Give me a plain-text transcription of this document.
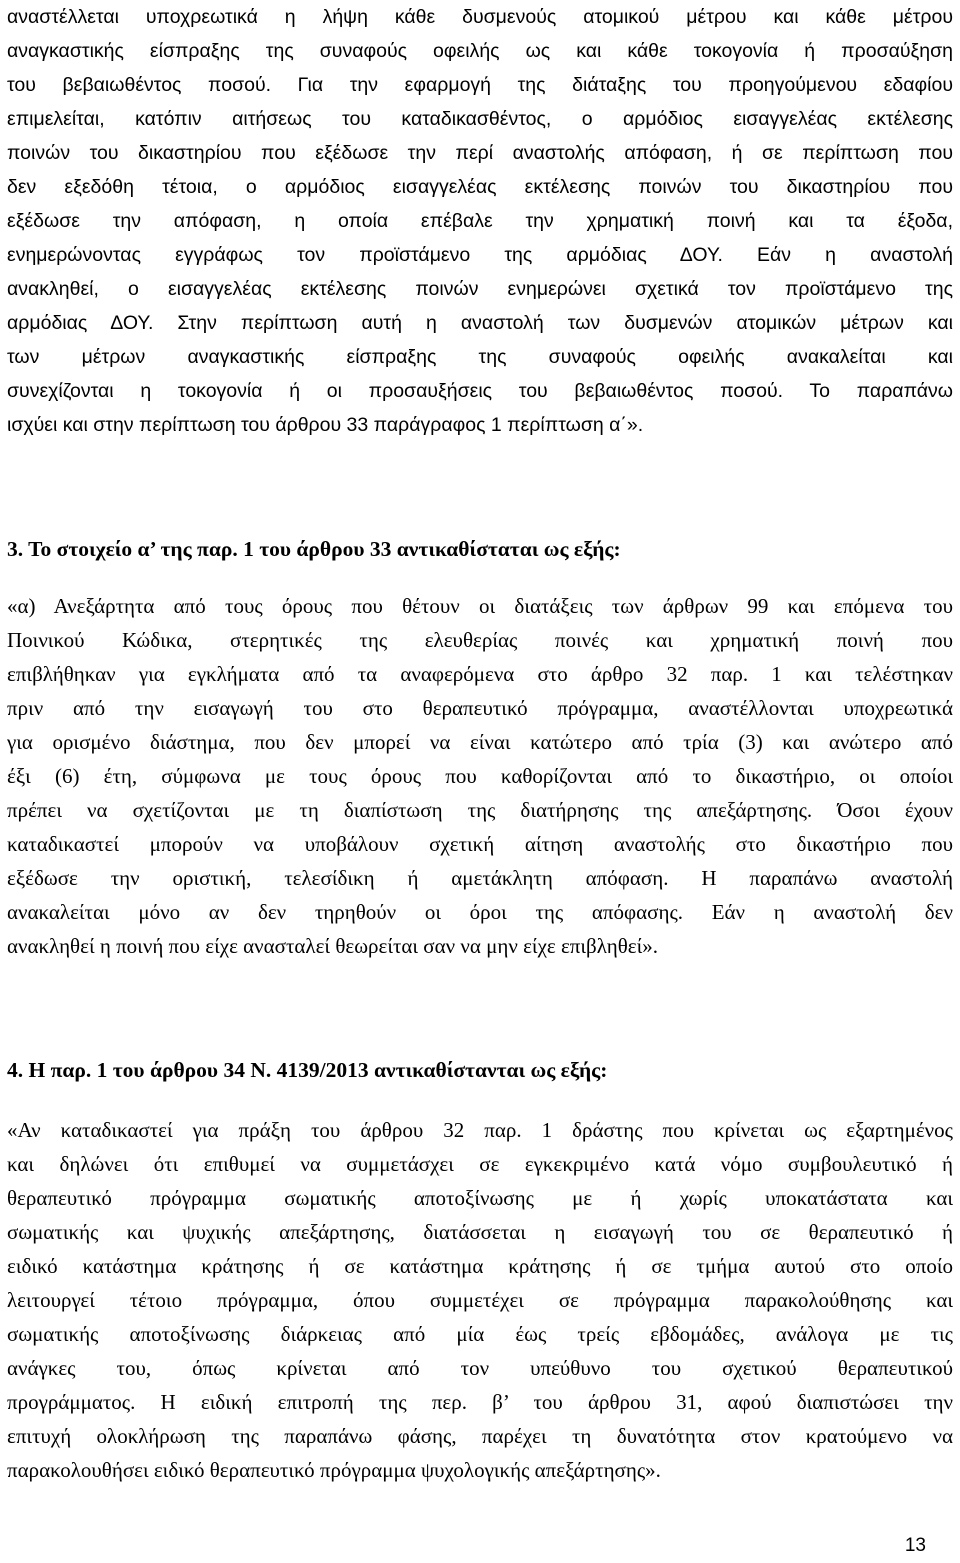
αναστέλλεται υποχρεωτικά η λήψη κάθε δυσμενούς ατομικού μέτρου και κάθε μέτρου
αναγκαστικής είσπραξης της συναφούς οφειλής ως και κάθε τοκογονία ή προσαύξηση
του βεβαιωθέντος ποσού. Για την εφαρμογή της διάταξης του προηγούμενου εδαφίου
επιμελείται, κατόπιν αιτήσεως του καταδικασθέντος, ο αρμόδιος εισαγγελέας εκτέλεσης
ποινών του δικαστηρίου που εξέδωσε την περί αναστολής απόφαση, ή σε περίπτωση που
δεν εξεδόθη τέτοια, ο αρμόδιος εισαγγελέας εκτέλεσης ποινών του δικαστηρίου που
εξέδωσε την απόφαση, η οποία επέβαλε την χρηματική ποινή και τα έξοδα,
ενημερώνοντας εγγράφως τον προϊστάμενο της αρμόδιας ΔΟΥ. Εάν η αναστολή
ανακληθεί, ο εισαγγελέας εκτέλεσης ποινών ενημερώνει σχετικά τον προϊστάμενο της
αρμόδιας ΔΟΥ. Στην περίπτωση αυτή η αναστολή των δυσμενών ατομικών μέτρων και
των μέτρων αναγκαστικής είσπραξης της συναφούς οφειλής ανακαλείται και
συνεχίζονται η τοκογονία ή οι προσαυξήσεις του βεβαιωθέντος ποσού. Το παραπάνω
ισχύει και στην περίπτωση του άρθρου 33 παράγραφος 1 περίπτωση α΄».
3. Το στοιχείο α’ της παρ. 1 του άρθρου 33 αντικαθίσταται ως εξής:
«α) Ανεξάρτητα από τους όρους που θέτουν οι διατάξεις των άρθρων 99 και επόμενα του
Ποινικού Κώδικα, στερητικές της ελευθερίας ποινές και χρηματική ποινή που
επιβλήθηκαν για εγκλήματα από τα αναφερόμενα στο άρθρο 32 παρ. 1 και τελέστηκαν
πριν από την εισαγωγή του στο θεραπευτικό πρόγραμμα, αναστέλλονται υποχρεωτικά
για ορισμένο διάστημα, που δεν μπορεί να είναι κατώτερο από τρία (3) και ανώτερο από
έξι (6) έτη, σύμφωνα με τους όρους που καθορίζονται από το δικαστήριο, οι οποίοι
πρέπει να σχετίζονται με τη διαπίστωση της διατήρησης της απεξάρτησης. Όσοι έχουν
καταδικαστεί μπορούν να υποβάλουν σχετική αίτηση αναστολής στο δικαστήριο που
εξέδωσε την οριστική, τελεσίδικη ή αμετάκλητη απόφαση. Η παραπάνω αναστολή
ανακαλείται μόνο αν δεν τηρηθούν οι όροι της απόφασης. Εάν η αναστολή δεν
ανακληθεί η ποινή που είχε ανασταλεί θεωρείται σαν να μην είχε επιβληθεί».
4. Η παρ. 1 του άρθρου 34 Ν. 4139/2013 αντικαθίστανται ως εξής:
«Αν καταδικαστεί για πράξη του άρθρου 32 παρ. 1 δράστης που κρίνεται ως εξαρτημένος
και δηλώνει ότι επιθυμεί να συμμετάσχει σε εγκεκριμένο κατά νόμο συμβουλευτικό ή
θεραπευτικό πρόγραμμα σωματικής αποτοξίνωσης με ή χωρίς υποκατάστατα και
σωματικής και ψυχικής απεξάρτησης, διατάσσεται η εισαγωγή του σε θεραπευτικό ή
ειδικό κατάστημα κράτησης ή σε κατάστημα κράτησης ή σε τμήμα αυτού στο οποίο
λειτουργεί τέτοιο πρόγραμμα, όπου συμμετέχει σε πρόγραμμα παρακολούθησης και
σωματικής αποτοξίνωσης διάρκειας από μία έως τρείς εβδομάδες, ανάλογα με τις
ανάγκες του, όπως κρίνεται από τον υπεύθυνο του σχετικού θεραπευτικού
προγράμματος. Η ειδική επιτροπή της περ. β’ του άρθρου 31, αφού διαπιστώσει την
επιτυχή ολοκλήρωση της παραπάνω φάσης, παρέχει τη δυνατότητα στον κρατούμενο να
παρακολουθήσει ειδικό θεραπευτικό πρόγραμμα ψυχολογικής απεξάρτησης».
13
